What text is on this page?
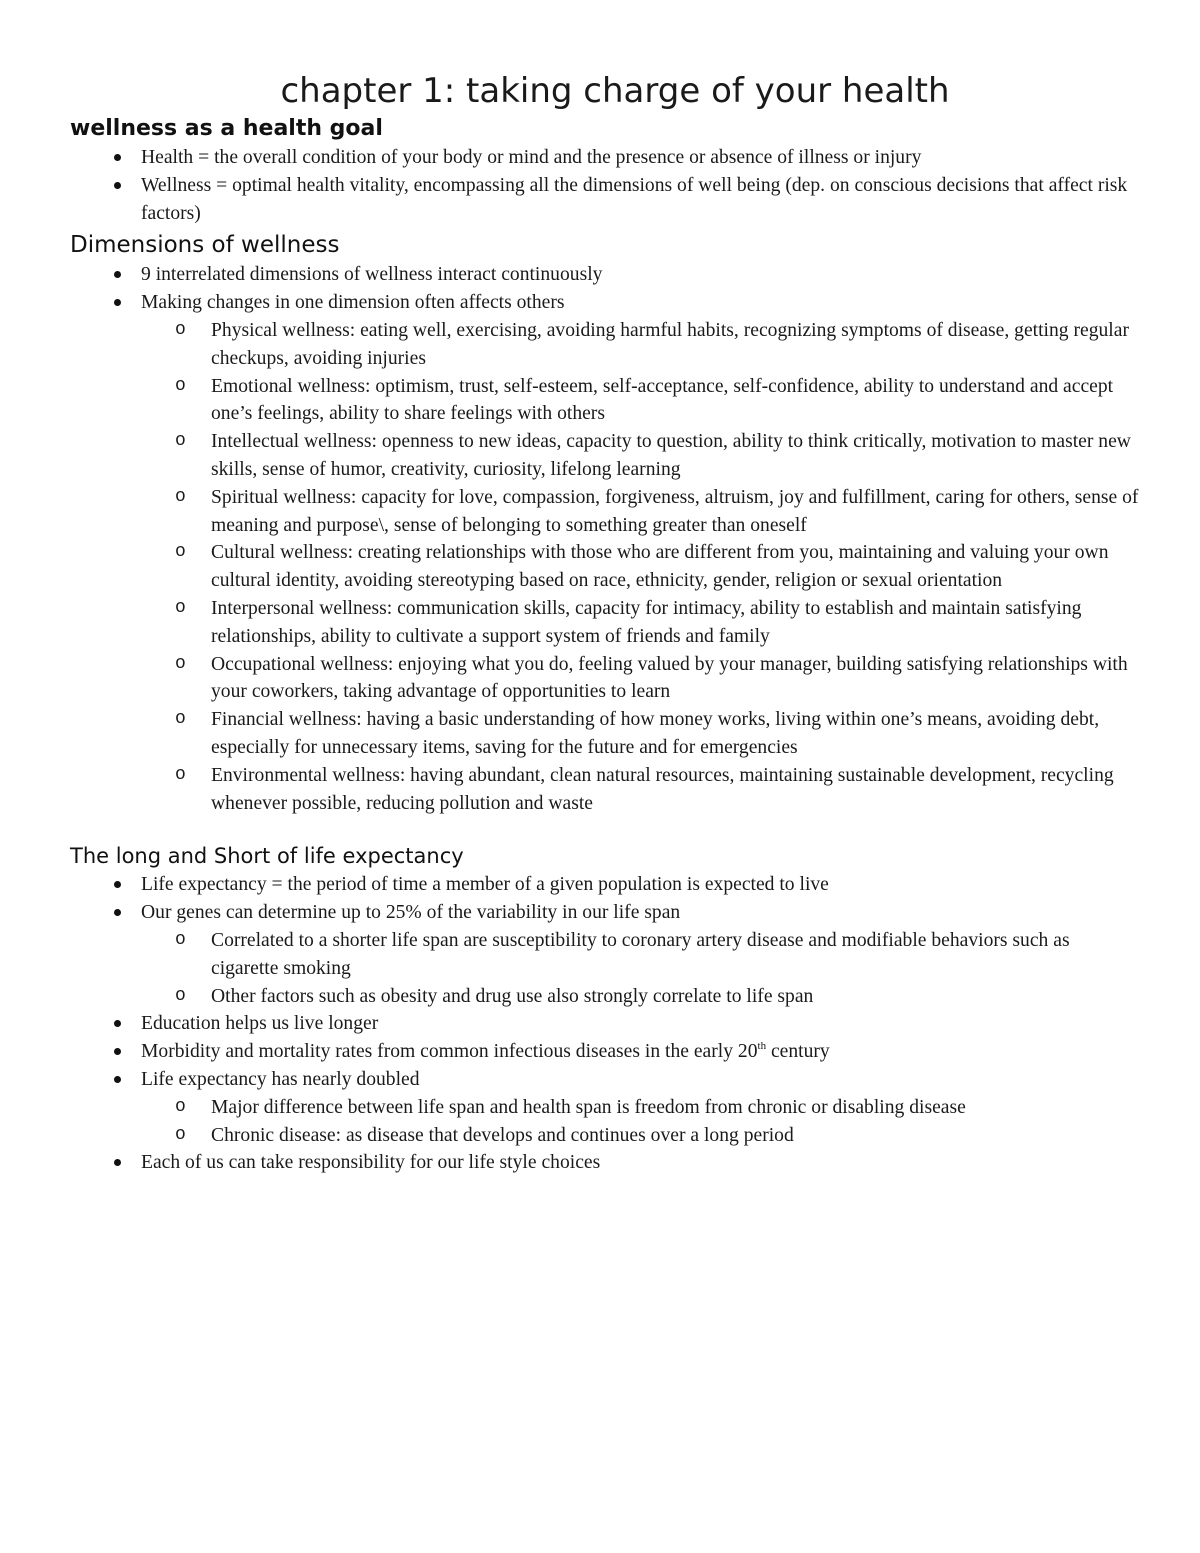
chapter 1: taking charge of your health
wellness as a health goal
Health = the overall condition of your body or mind and the presence or absence of illness or injury
Wellness = optimal health vitality, encompassing all the dimensions of well being (dep. on conscious decisions that affect risk factors)
Dimensions of wellness
9 interrelated dimensions of wellness interact continuously
Making changes in one dimension often affects others
o Physical wellness: eating well, exercising, avoiding harmful habits, recognizing symptoms of disease, getting regular checkups, avoiding injuries
o Emotional wellness: optimism, trust, self-esteem, self-acceptance, self-confidence, ability to understand and accept one’s feelings, ability to share feelings with others
o Intellectual wellness: openness to new ideas, capacity to question, ability to think critically, motivation to master new skills, sense of humor, creativity, curiosity, lifelong learning
o Spiritual wellness: capacity for love, compassion, forgiveness, altruism, joy and fulfillment, caring for others, sense of meaning and purpose\, sense of belonging to something greater than oneself
o Cultural wellness: creating relationships with those who are different from you, maintaining and valuing your own cultural identity, avoiding stereotyping based on race, ethnicity, gender, religion or sexual orientation
o Interpersonal wellness: communication skills, capacity for intimacy, ability to establish and maintain satisfying relationships, ability to cultivate a support system of friends and family
o Occupational wellness: enjoying what you do, feeling valued by your manager, building satisfying relationships with your coworkers, taking advantage of opportunities to learn
o Financial wellness: having a basic understanding of how money works, living within one’s means, avoiding debt, especially for unnecessary items, saving for the future and for emergencies
o Environmental wellness: having abundant, clean natural resources, maintaining sustainable development, recycling whenever possible, reducing pollution and waste
The long and Short of life expectancy
Life expectancy = the period of time a member of a given population is expected to live
Our genes can determine up to 25% of the variability in our life span
o Correlated to a shorter life span are susceptibility to coronary artery disease and modifiable behaviors such as cigarette smoking
o Other factors such as obesity and drug use also strongly correlate to life span
Education helps us live longer
Morbidity and mortality rates from common infectious diseases in the early 20th century
Life expectancy has nearly doubled
o Major difference between life span and health span is freedom from chronic or disabling disease
o Chronic disease: as disease that develops and continues over a long period
Each of us can take responsibility for our life style choices
